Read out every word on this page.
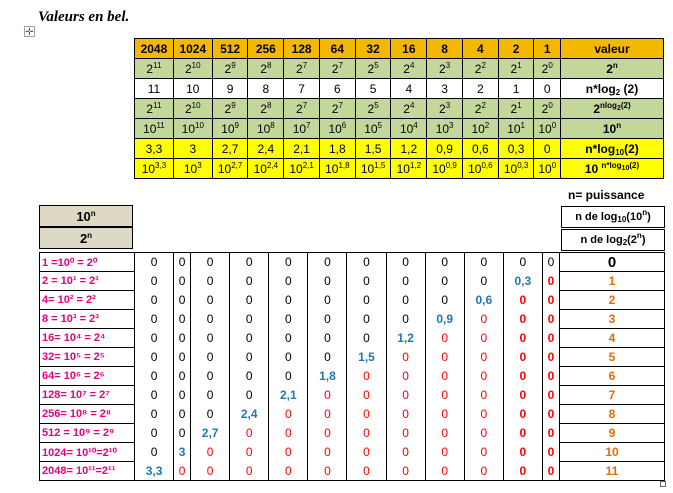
Valeurs en bel.
✛
2048	1024	512	256	128	64	32	16	8	4	2	1	valeur
$2^{11}$	$2^{10}$	$2^9$	$2^8$	$2^7$	$2^7$	$2^5$	$2^4$	$2^3$	$2^2$	$2^1$	$2^0$	2$^n$
11	10	9	8	7	6	5	4	3	2	1	0	$n*\log_2$ (2)
$2^{11}$	$2^{10}$	$2^9$	$2^8$	$2^7$	$2^7$	$2^5$	$2^4$	$2^3$	$2^2$	$2^1$	$2^0$	$2^{nlog_2(2)}$
$10^{11}$	$10^{10}$	$10^9$	$10^8$	$10^7$	$10^6$	$10^5$	$10^4$	$10^3$	$10^2$	$10^1$	$10^0$	10$^n$
3,3	3	2,7	2,4	2,1	1,8	1,5	1,2	0,9	0,6	0,3	0	$n*\log_{10}(2)$
10$^{3,3}$	$10^3$	10$^{2,7}$	10$^{2,4}$	10$^{2,1}$	10$^{1,8}$	10$^{1,5}$	10$^{1,2}$	10$^{0,9}$	10$^{0,6}$	10$^{0,3}$	$10^0$	10 $^{n*log_{10}(2)}$
n= puissance
10$^n$
2$^n$
n de $\log_{10}(10^n)$
n de $\log_2(2^n)$
1 =10⁰ = 2⁰	0	0	0	0	0	0	0	0	0	0	0	0	0
2 = 10¹ = 2¹	0	0	0	0	0	0	0	0	0	0	0,3	0	1
4= 10² = 2²	0	0	0	0	0	0	0	0	0	0,6	0	0	2
8 = 10³ = 2³	0	0	0	0	0	0	0	0	0,9	0	0	0	3
16= 10⁴ = 2⁴	0	0	0	0	0	0	0	1,2	0	0	0	0	4
32= 10⁵ = 2⁵	0	0	0	0	0	0	1,5	0	0	0	0	0	5
64= 10⁶ = 2⁶	0	0	0	0	0	1,8	0	0	0	0	0	0	6
128= 10⁷ = 2⁷	0	0	0	0	2,1	0	0	0	0	0	0	0	7
256= 10⁸ = 2⁸	0	0	0	2,4	0	0	0	0	0	0	0	0	8
512 = 10⁹ = 2⁹	0	0	2,7	0	0	0	0	0	0	0	0	0	9
1024= 10¹⁰=2¹⁰	0	3	0	0	0	0	0	0	0	0	0	0	10
2048= 10¹¹=2¹¹	3,3	0	0	0	0	0	0	0	0	0	0	0	11
